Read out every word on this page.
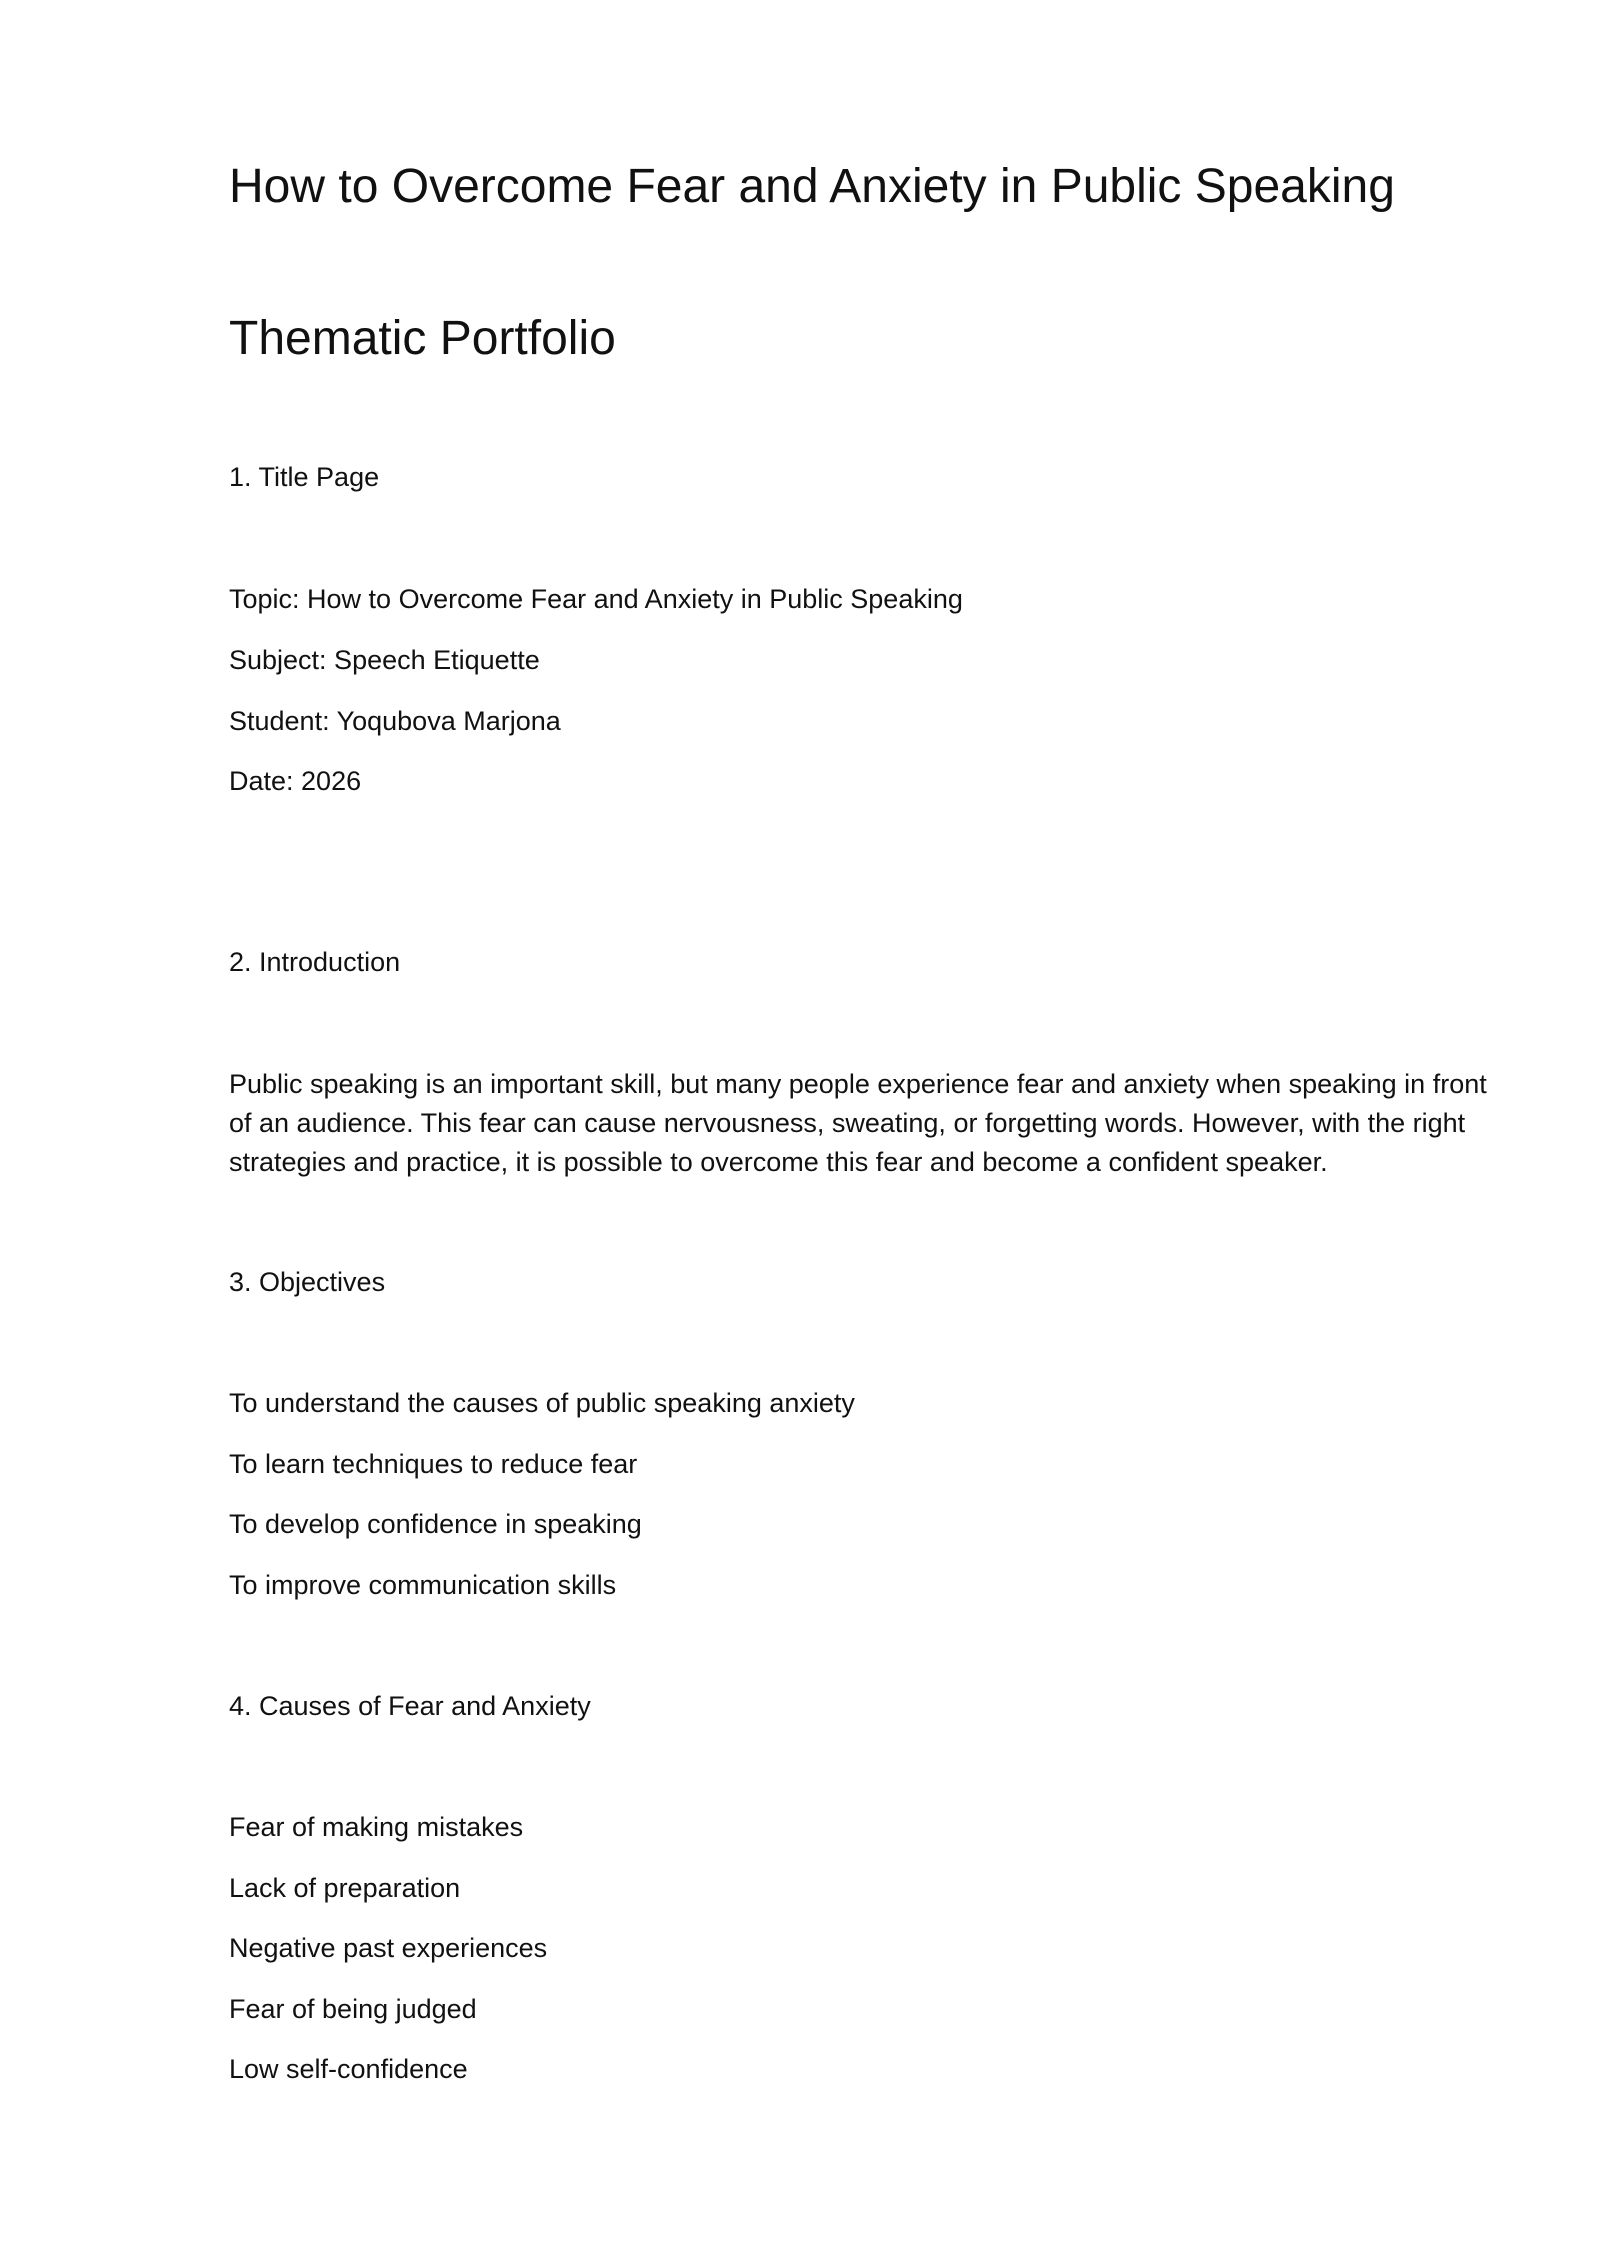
How to Overcome Fear and Anxiety in Public Speaking
Thematic Portfolio
1. Title Page
Topic: How to Overcome Fear and Anxiety in Public Speaking
Subject: Speech Etiquette
Student: Yoqubova Marjona
Date: 2026
2. Introduction

Public speaking is an important skill, but many people experience fear and anxiety when speaking in front of an audience. This fear can cause nervousness, sweating, or forgetting words. However, with the right strategies and practice, it is possible to overcome this fear and become a confident speaker.

3. Objectives
To understand the causes of public speaking anxiety
To learn techniques to reduce fear
To develop confidence in speaking
To improve communication skills
4. Causes of Fear and Anxiety
Fear of making mistakes
Lack of preparation
Negative past experiences
Fear of being judged
Low self-confidence
